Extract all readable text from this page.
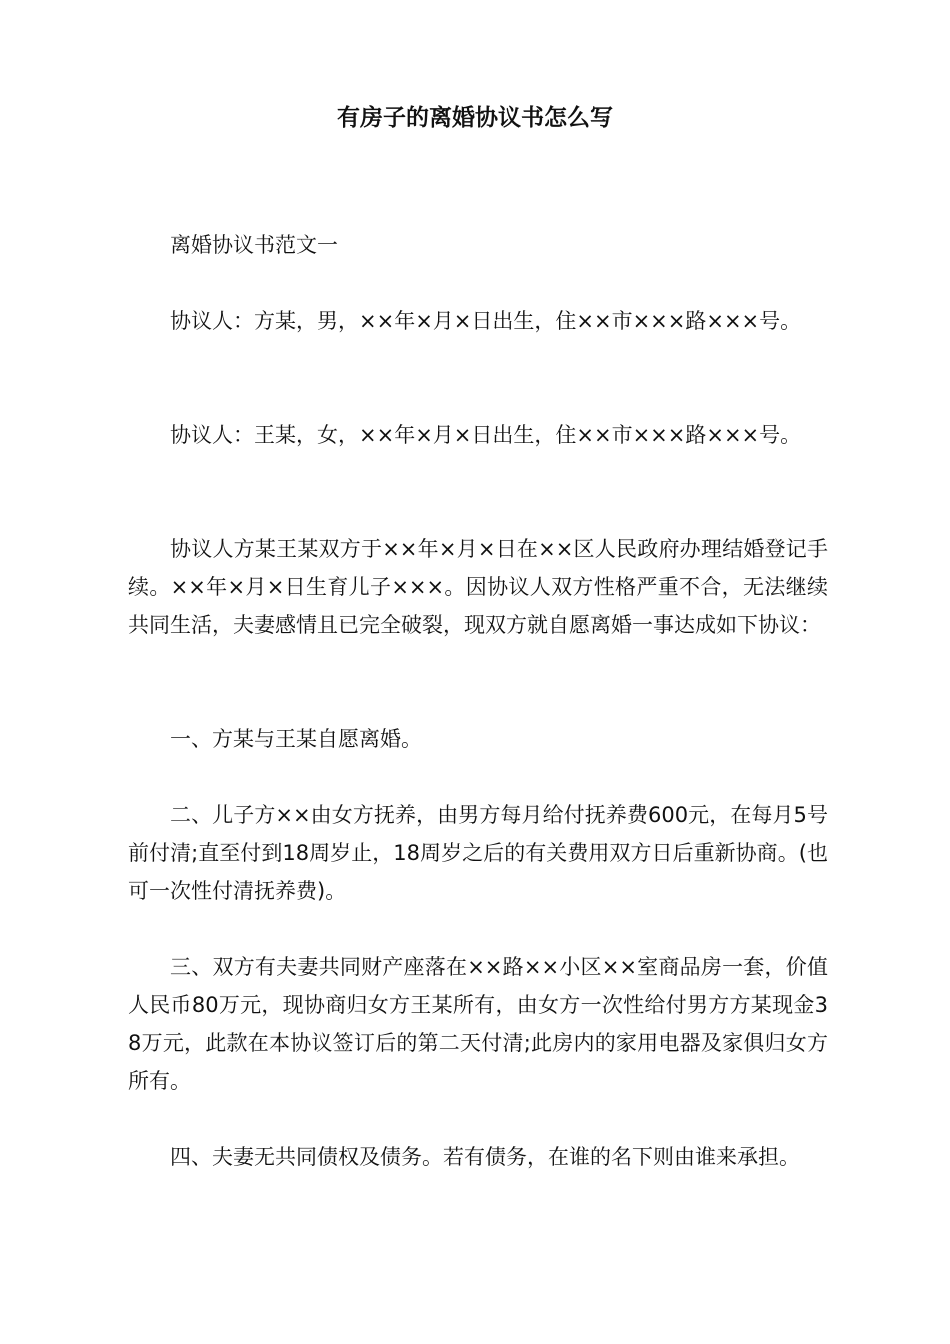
有房子的离婚协议书怎么写

离婚协议书范文一

协议人：方某，男，××年×月×日出生，住××市×××路×××号。

协议人：王某，女，××年×月×日出生，住××市×××路×××号。

协议人方某王某双方于××年×月×日在××区人民政府办理结婚登记手续。××年×月×日生育儿子×××。因协议人双方性格严重不合，无法继续共同生活，夫妻感情且已完全破裂，现双方就自愿离婚一事达成如下协议：

一、方某与王某自愿离婚。

二、儿子方××由女方抚养，由男方每月给付抚养费600元，在每月5号前付清;直至付到18周岁止，18周岁之后的有关费用双方日后重新协商。(也可一次性付清抚养费)。

三、双方有夫妻共同财产座落在××路××小区××室商品房一套，价值人民币80万元，现协商归女方王某所有，由女方一次性给付男方方某现金38万元，此款在本协议签订后的第二天付清;此房内的家用电器及家俱归女方所有。

四、夫妻无共同债权及债务。若有债务，在谁的名下则由谁来承担。
